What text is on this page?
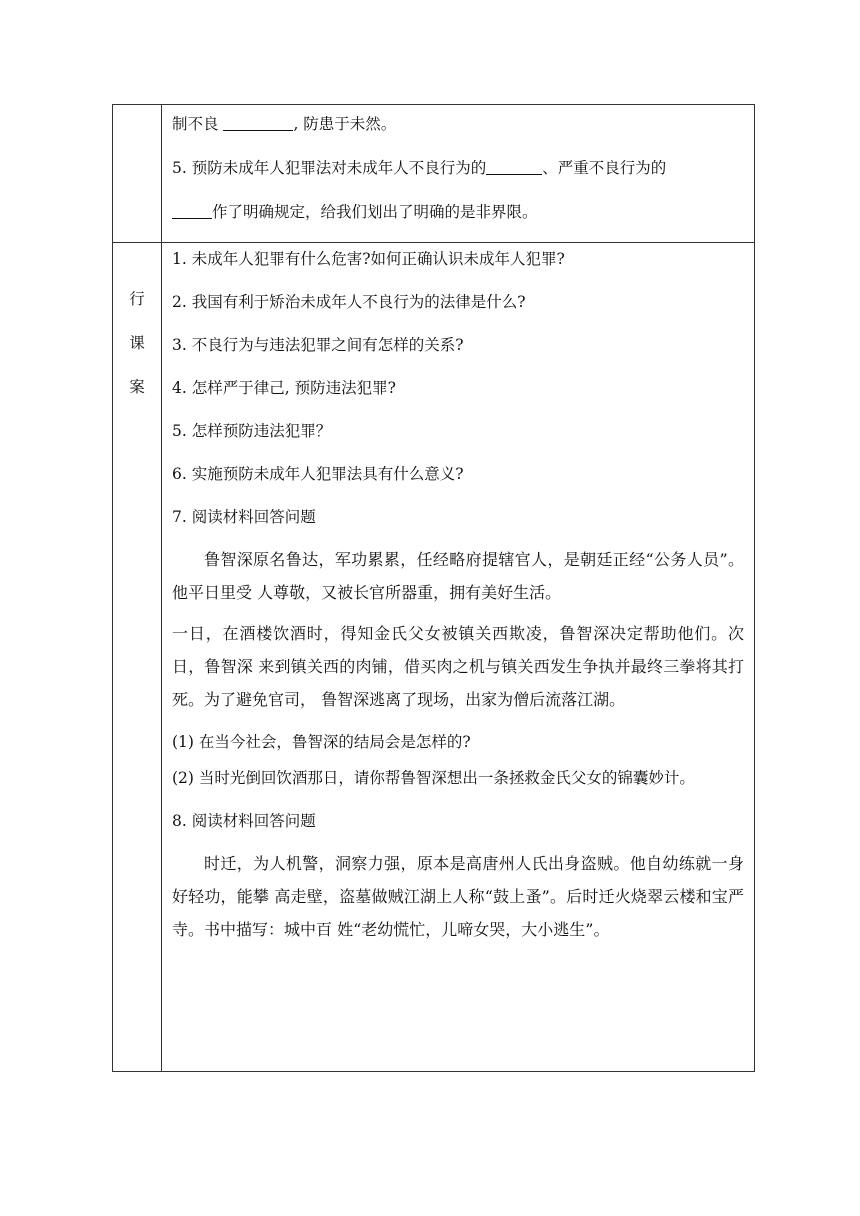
制不良	, 防患于未然。

5. 预防未成年人犯罪法对未成年人不良行为的	、严重不良行为的

作了明确规定，给我们划出了明确的是非界限。

行
课
案

1. 未成年人犯罪有什么危害?如何正确认识未成年人犯罪?

2. 我国有利于矫治未成年人不良行为的法律是什么?

3. 不良行为与违法犯罪之间有怎样的关系?

4. 怎样严于律己, 预防违法犯罪?

5. 怎样预防违法犯罪？

6. 实施预防未成年人犯罪法具有什么意义?

7. 阅读材料回答问题

鲁智深原名鲁达，军功累累，任经略府提辖官人，是朝廷正经“公务人员”。他平日里受 人尊敬，又被长官所器重，拥有美好生活。

一日，在酒楼饮酒时，得知金氏父女被镇关西欺凌，鲁智深决定帮助他们。次日，鲁智深 来到镇关西的肉铺，借买肉之机与镇关西发生争执并最终三拳将其打死。为了避免官司， 鲁智深逃离了现场，出家为僧后流落江湖。

(1) 在当今社会，鲁智深的结局会是怎样的?

(2) 当时光倒回饮酒那日，请你帮鲁智深想出一条拯救金氏父女的锦囊妙计。

8. 阅读材料回答问题

时迁，为人机警，洞察力强，原本是高唐州人氏出身盗贼。他自幼练就一身好轻功，能攀 高走壁，盗墓做贼江湖上人称“鼓上蚤”。后时迁火烧翠云楼和宝严寺。书中描写：城中百 姓“老幼慌忙，儿啼女哭，大小逃生”。
